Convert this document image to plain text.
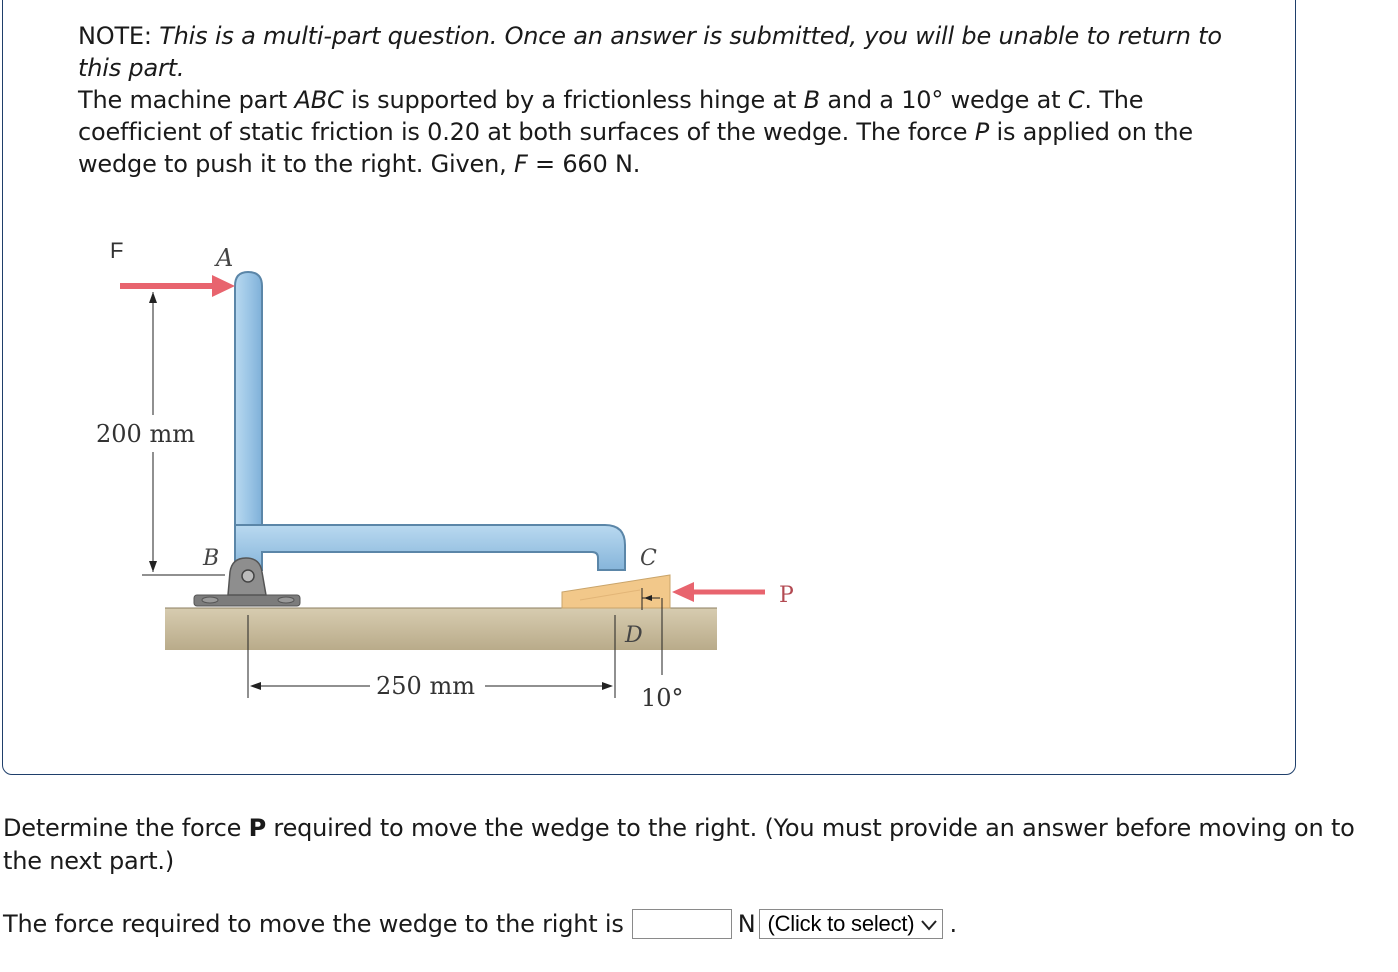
NOTE: This is a multi-part question. Once an answer is submitted, you will be unable to return to this part.

The machine part ABC is supported by a frictionless hinge at B and a 10° wedge at C. The coefficient of static friction is 0.20 at both surfaces of the wedge. The force P is applied on the wedge to push it to the right. Given, F = 660 N.

F	A
B	C
D
P
200 mm
250 mm	10°
Determine the force P required to move the wedge to the right. (You must provide an answer before moving on to the next part.)
The force required to move the wedge to the right is	N (Click to select) .
